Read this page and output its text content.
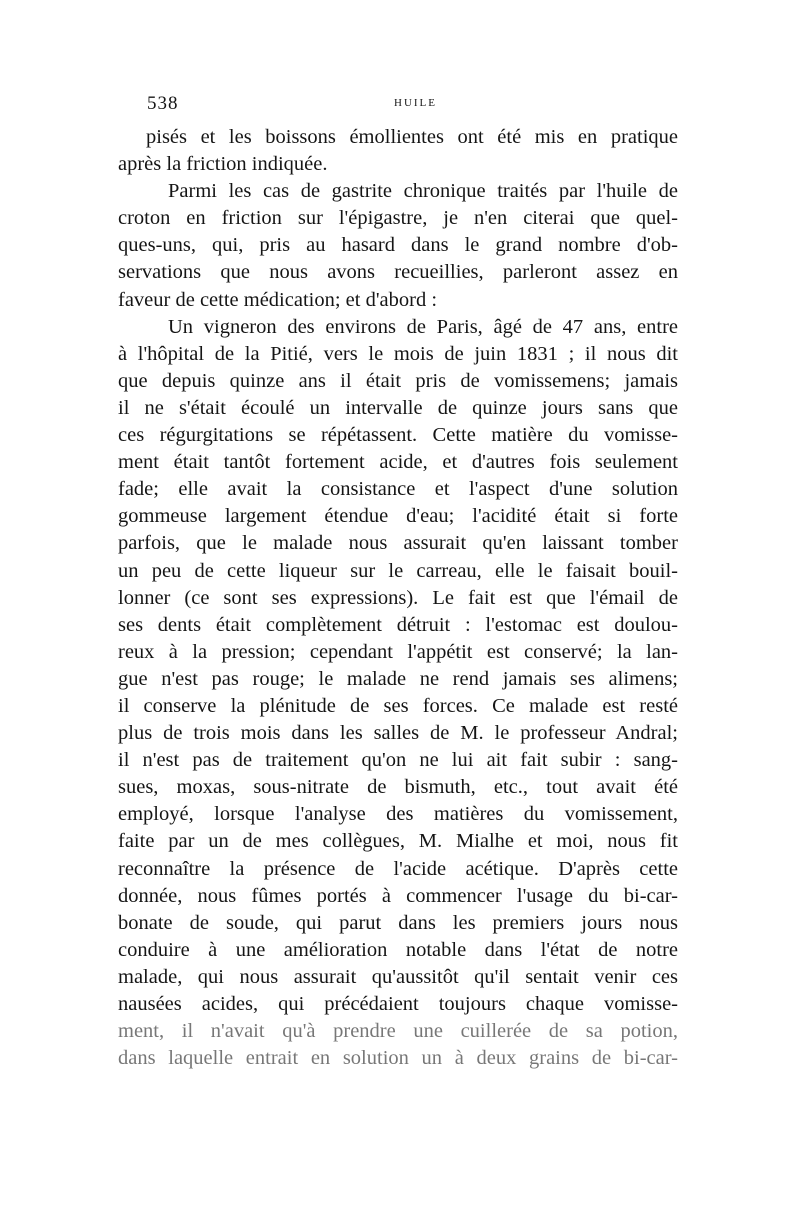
538	HUILE
pisés et les boissons émollientes ont été mis en pratique
après la friction indiquée.
Parmi les cas de gastrite chronique traités par l'huile de
croton en friction sur l'épigastre, je n'en citerai que quel-
ques-uns, qui, pris au hasard dans le grand nombre d'ob-
servations que nous avons recueillies, parleront assez en
faveur de cette médication; et d'abord :
Un vigneron des environs de Paris, âgé de 47 ans, entre
à l'hôpital de la Pitié, vers le mois de juin 1831 ; il nous dit
que depuis quinze ans il était pris de vomissemens; jamais
il ne s'était écoulé un intervalle de quinze jours sans que
ces régurgitations se répétassent. Cette matière du vomisse-
ment était tantôt fortement acide, et d'autres fois seulement
fade; elle avait la consistance et l'aspect d'une solution
gommeuse largement étendue d'eau; l'acidité était si forte
parfois, que le malade nous assurait qu'en laissant tomber
un peu de cette liqueur sur le carreau, elle le faisait bouil-
lonner (ce sont ses expressions). Le fait est que l'émail de
ses dents était complètement détruit : l'estomac est doulou-
reux à la pression; cependant l'appétit est conservé; la lan-
gue n'est pas rouge; le malade ne rend jamais ses alimens;
il conserve la plénitude de ses forces. Ce malade est resté
plus de trois mois dans les salles de M. le professeur Andral;
il n'est pas de traitement qu'on ne lui ait fait subir : sang-
sues, moxas, sous-nitrate de bismuth, etc., tout avait été
employé, lorsque l'analyse des matières du vomissement,
faite par un de mes collègues, M. Mialhe et moi, nous fit
reconnaître la présence de l'acide acétique. D'après cette
donnée, nous fûmes portés à commencer l'usage du bi-car-
bonate de soude, qui parut dans les premiers jours nous
conduire à une amélioration notable dans l'état de notre
malade, qui nous assurait qu'aussitôt qu'il sentait venir ces
nausées acides, qui précédaient toujours chaque vomisse-
ment, il n'avait qu'à prendre une cuillerée de sa potion,
dans laquelle entrait en solution un à deux grains de bi-car-
